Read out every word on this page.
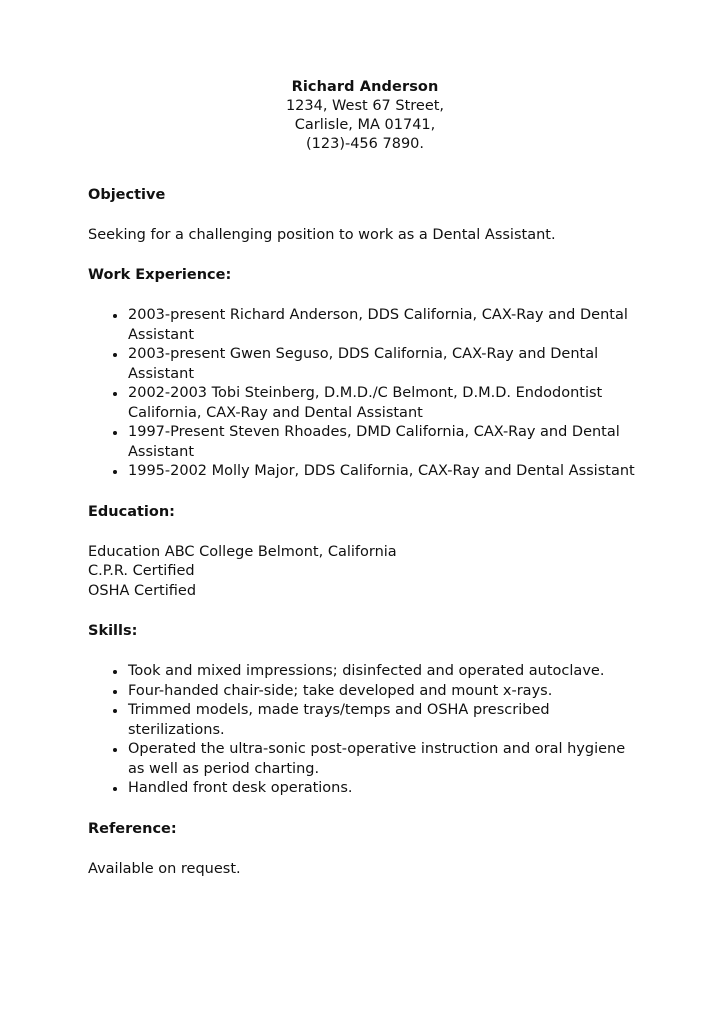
Richard Anderson
1234, West 67 Street,
Carlisle, MA 01741,
(123)-456 7890.
Objective
Seeking for a challenging position to work as a Dental Assistant.
Work Experience:
2003-present Richard Anderson, DDS California, CAX-Ray and Dental Assistant
2003-present Gwen Seguso, DDS California, CAX-Ray and Dental Assistant
2002-2003 Tobi Steinberg, D.M.D./C Belmont, D.M.D. Endodontist California, CAX-Ray and Dental Assistant
1997-Present Steven Rhoades, DMD California, CAX-Ray and Dental Assistant
1995-2002 Molly Major, DDS California, CAX-Ray and Dental Assistant
Education:
Education ABC College Belmont, California
C.P.R. Certified
OSHA Certified
Skills:
Took and mixed impressions; disinfected and operated autoclave.
Four-handed chair-side; take developed and mount x-rays.
Trimmed models, made trays/temps and OSHA prescribed sterilizations.
Operated the ultra-sonic post-operative instruction and oral hygiene as well as period charting.
Handled front desk operations.
Reference:
Available on request.
